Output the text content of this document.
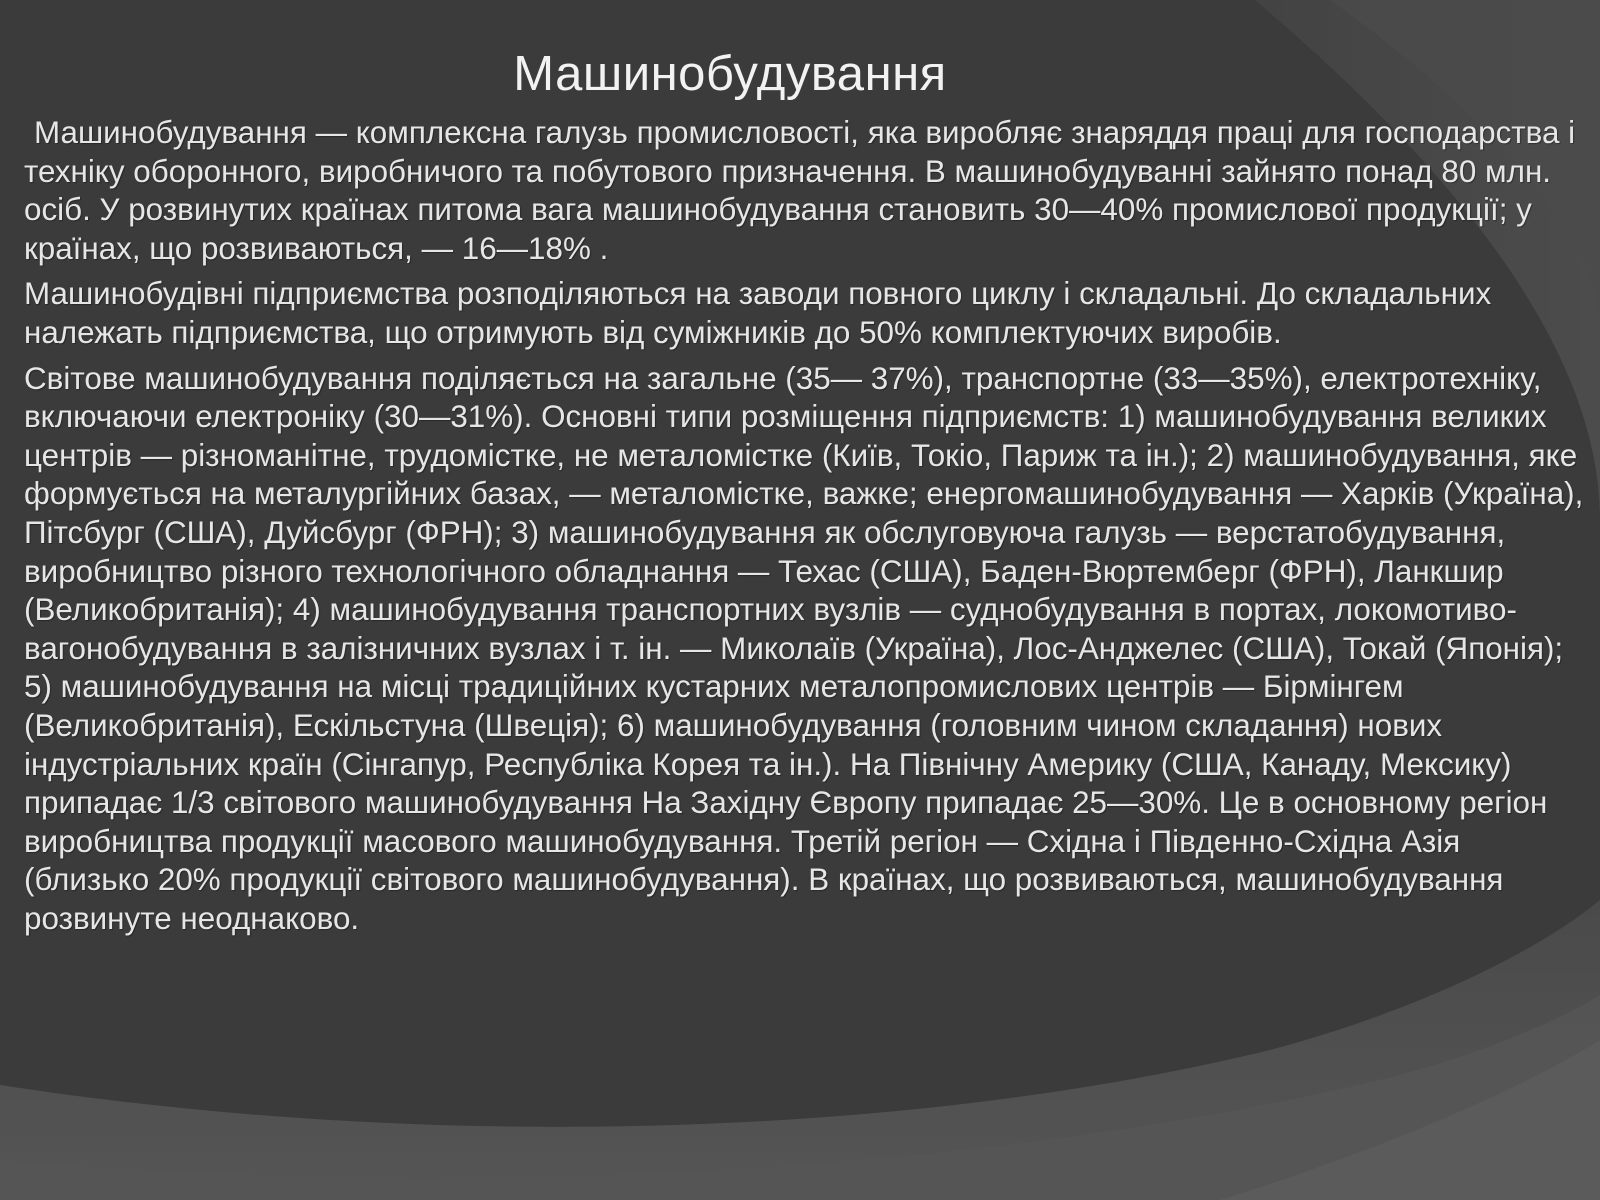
Машинобудування

Машинобудування — комплексна галузь промисловості, яка виробляє знаряддя праці для господарства і техніку оборонного, виробничого та побутового призначення. В машинобудуванні зайнято понад 80 млн. осіб. У розвинутих країнах питома вага машинобудування становить 30—40% промислової продукції; у країнах, що розвиваються, — 16—18% .

Машинобудівні підприємства розподіляються на заводи повного циклу і складальні. До складальних належать підприємства, що отримують від суміжників до 50% комплектуючих виробів.

Світове машинобудування поділяється на загальне (35— 37%), транспортне (33—35%), електротехніку, включаючи електроніку (30—31%). Основні типи розміщення підприємств: 1) машинобудування великих центрів — різноманітне, трудомістке, не металомістке (Київ, Токіо, Париж та ін.); 2) машинобудування, яке формується на металургійних базах, — металомістке, важке; енергомашинобудування — Харків (Україна), Пітсбург (США), Дуйсбург (ФРН); 3) машинобудування як обслуговуюча галузь — верстатобудування, виробництво різного технологічного обладнання — Техас (США), Баден-Вюртемберг (ФРН), Ланкшир (Великобританія); 4) машинобудування транспортних вузлів — суднобудування в портах, локомотиво-вагонобудування в залізничних вузлах і т. ін. — Миколаїв (Україна), Лос-Анджелес (США), Токай (Японія); 5) машинобудування на місці традиційних кустарних металопромислових центрів — Бірмінгем (Великобританія), Ескільстуна (Швеція); 6) машинобудування (головним чином складання) нових індустріальних країн (Сінгапур, Республіка Корея та ін.). На Північну Америку (США, Канаду, Мексику) припадає 1/3 світового машинобудування На Західну Європу припадає 25—30%. Це в основному регіон виробництва продукції масового машинобудування. Третій регіон — Східна і Південно-Східна Азія (близько 20% продукції світового машинобудування). В країнах, що розвиваються, машинобудування розвинуте неоднаково.
